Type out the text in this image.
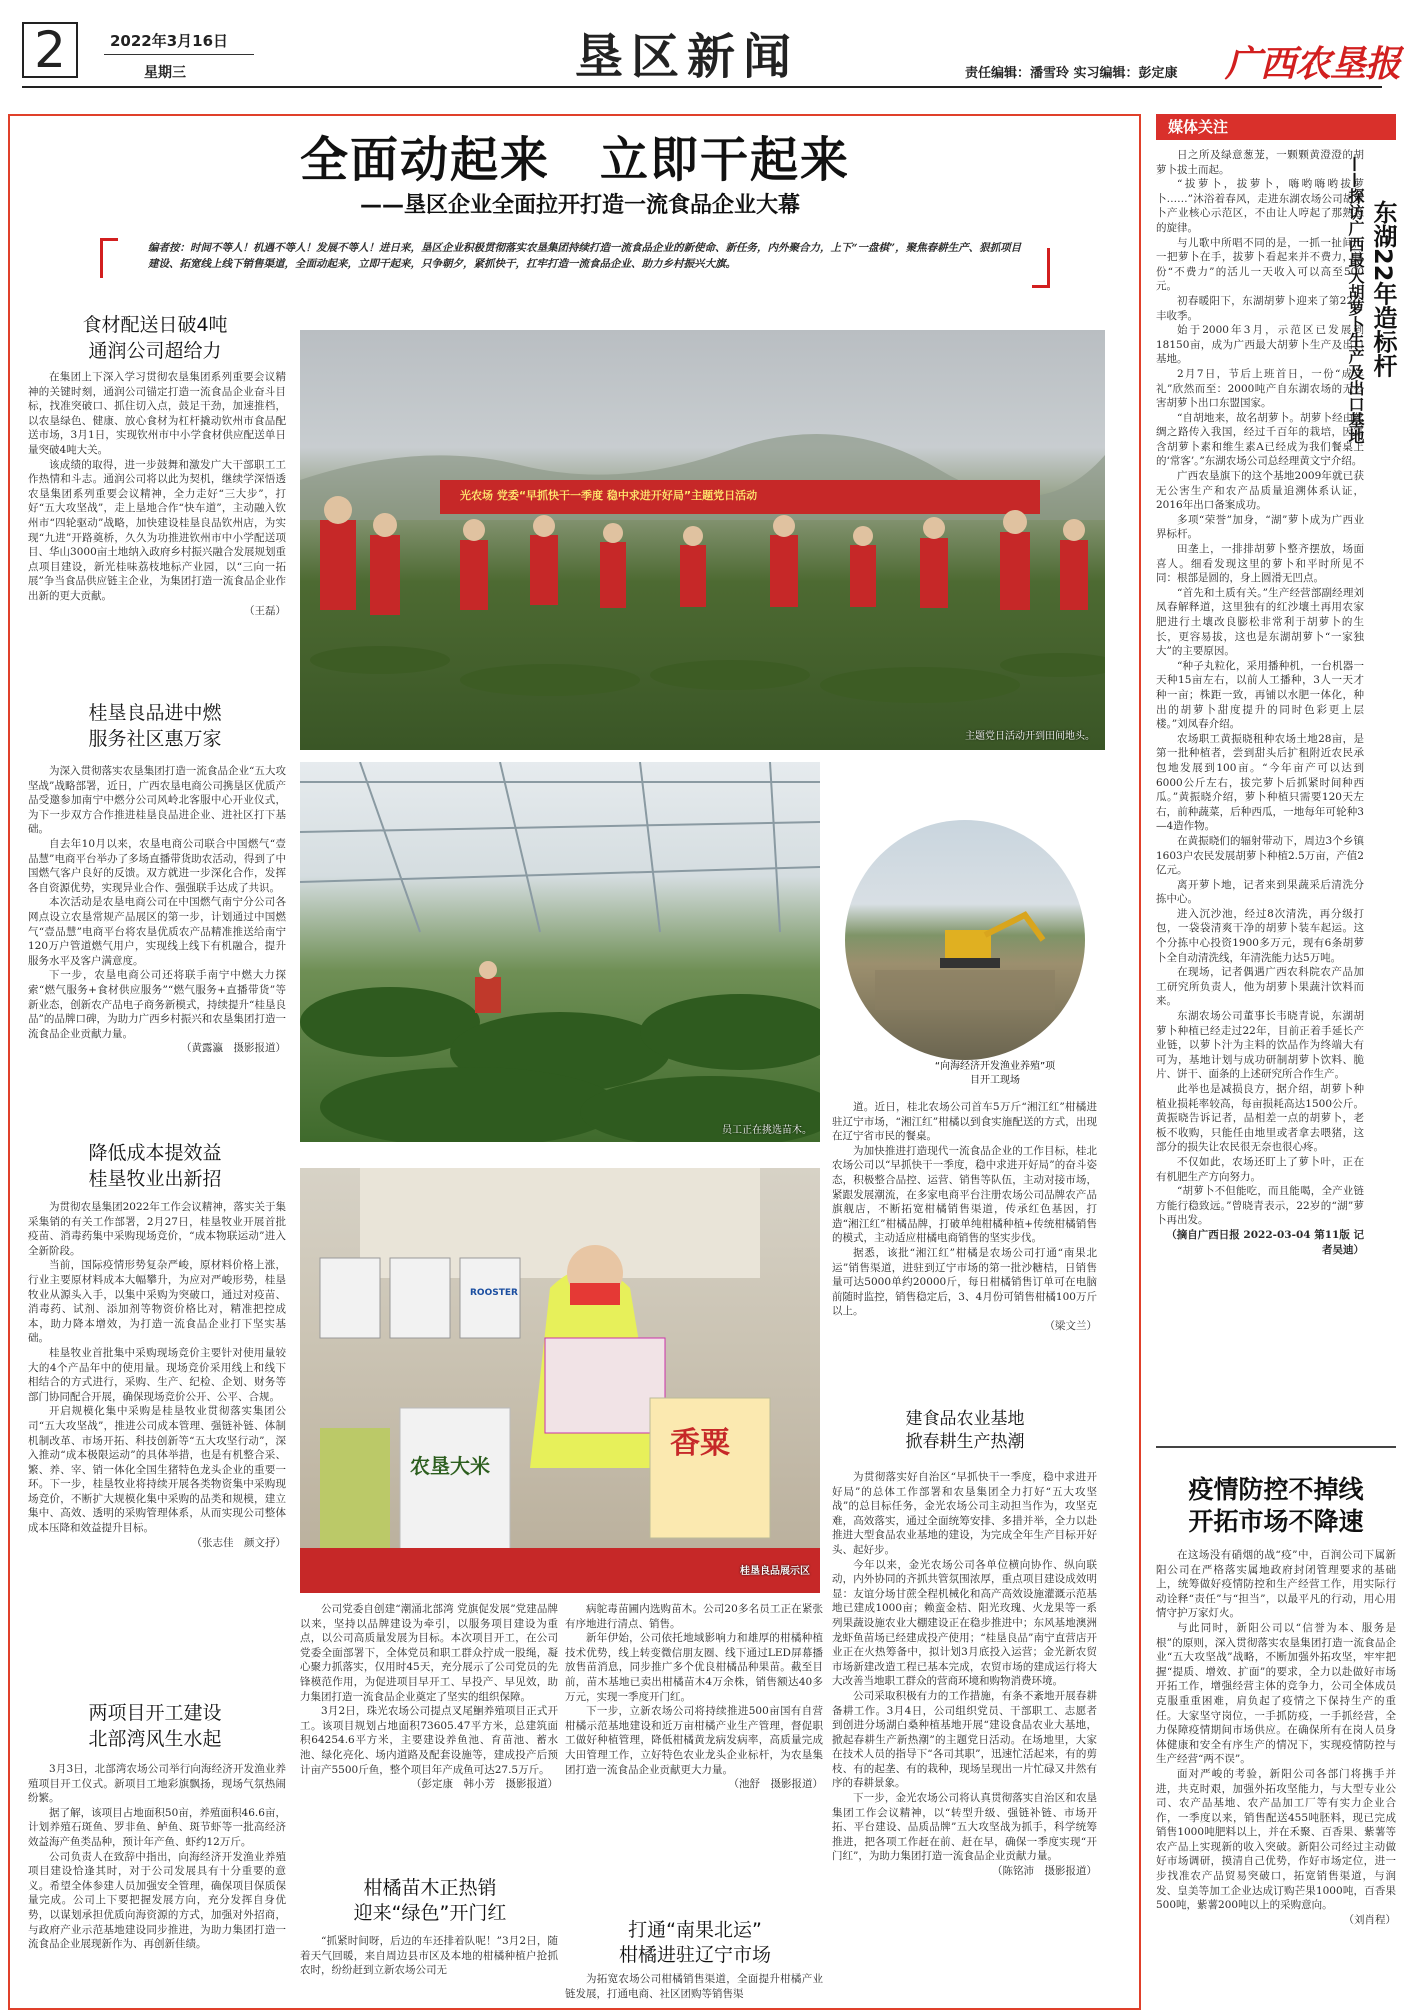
2	2022年3月16日
星期三	垦区新闻	责任编辑：潘雪玲 实习编辑：彭定康 广西农垦报
全面动起来　立即干起来
——垦区企业全面拉开打造一流食品企业大幕
编者按：时间不等人！机遇不等人！发展不等人！进日来，垦区企业积极贯彻落实农垦集团持续打造一流食品企业的新使命、新任务，内外聚合力，上下“一盘棋”，聚焦春耕生产、狠抓项目建设、拓宽线上线下销售渠道，全面动起来，立即干起来，只争朝夕，紧抓快干，扛牢打造一流食品企业、助力乡村振兴大旗。
食材配送日破4吨
通润公司超给力

在集团上下深入学习贯彻农垦集团系列重要会议精神的关键时刻，通润公司锚定打造一流食品企业奋斗目标，找准突破口、抓住切入点，鼓足干劲，加速推档，以农垦绿色、健康、放心食材为杠杆撬动钦州市食品配送市场，3月1日，实现钦州市中小学食材供应配送单日量突破4吨大关。

该成绩的取得，进一步鼓舞和激发广大干部职工工作热情和斗志。通润公司将以此为契机，继续学深悟透农垦集团系列重要会议精神，全力走好“三大步”，打好“五大攻坚战”，走上垦地合作“快车道”，主动融入钦州市“四轮驱动”战略，加快建设桂垦良品钦州店，为实现“九进”开路奠桥，久久为功推进钦州市中小学配送项目、华山3000亩土地纳入政府乡村振兴融合发展规划重点项目建设，新光桂味荔枝地标产业园，以“三向一拓展”争当食品供应链主企业，为集团打造一流食品企业作出新的更大贡献。

（王磊）
桂垦良品进中燃
服务社区惠万家

为深入贯彻落实农垦集团打造一流食品企业“五大攻坚战”战略部署，近日，广西农垦电商公司携垦区优质产品受邀参加南宁中燃分公司风岭北客服中心开业仪式，为下一步双方合作推进桂垦良品进企业、进社区打下基础。

自去年10月以来，农垦电商公司联合中国燃气“壹品慧”电商平台举办了多场直播带货助农活动，得到了中国燃气客户良好的反馈。双方就进一步深化合作，发挥各自资源优势，实现异业合作、强强联手达成了共识。

本次活动是农垦电商公司在中国燃气南宁分公司各网点设立农垦常规产品展区的第一步，计划通过中国燃气“壹品慧”电商平台将农垦优质农产品精准推送给南宁120万户管道燃气用户，实现线上线下有机融合，提升服务水平及客户满意度。

下一步，农垦电商公司还将联手南宁中燃大力探索“燃气服务+食材供应服务”“燃气服务+直播带货”等新业态，创新农产品电子商务新模式，持续提升“桂垦良品”的品牌口碑，为助力广西乡村振兴和农垦集团打造一流食品企业贡献力量。

（黄露瀛　摄影报道）
降低成本提效益
桂垦牧业出新招

为贯彻农垦集团2022年工作会议精神，落实关于集采集销的有关工作部署，2月27日，桂垦牧业开展首批疫苗、消毒药集中采购现场竞价，“成本物联运动”进入全新阶段。

当前，国际疫情形势复杂严峻，原材料价格上涨，行业主要原材料成本大幅攀升，为应对严峻形势，桂垦牧业从源头入手，以集中采购为突破口，通过对疫苗、消毒药、试剂、添加剂等物资价格比对，精准把控成本，助力降本增效，为打造一流食品企业打下坚实基础。

桂垦牧业首批集中采购现场竞价主要针对使用量较大的4个产品年中的使用量。现场竞价采用线上和线下相结合的方式进行，采购、生产、纪检、企划、财务等部门协同配合开展，确保现场竞价公开、公平、合规。

开启规模化集中采购是桂垦牧业贯彻落实集团公司“五大攻坚战”，推进公司成本管理、强链补链、体制机制改革、市场开拓、科技创新等“五大攻坚行动”，深入推动“成本极限运动”的具体举措，也是有机整合采、繁、养、宰、销一体化全国生猪特色龙头企业的重要一环。下一步，桂垦牧业将持续开展各类物资集中采购现场竞价，不断扩大规模化集中采购的品类和规模，建立集中、高效、透明的采购管理体系，从而实现公司整体成本压降和效益提升目标。

（张志佳　颜文抒）
两项目开工建设
北部湾风生水起

3月3日，北部湾农场公司举行向海经济开发渔业养殖项目开工仪式。新项目工地彩旗飘扬，现场气氛热闹纷繁。

据了解，该项目占地面积50亩，养殖面积46.6亩，计划养殖石斑鱼、罗非鱼、鲈鱼、斑节虾等一批高经济效益海产鱼类品种，预计年产鱼、虾约12万斤。

公司负责人在致辞中指出，向海经济开发渔业养殖项目建设恰逢其时，对于公司发展具有十分重要的意义。希望全体参建人员加强安全管理，确保项目保质保量完成。公司上下要把握发展方向，充分发挥自身优势，以谋划承担优质向海资源的方式，加强对外招商，与政府产业示范基地建设同步推进，为助力集团打造一流食品企业展现新作为、再创新佳绩。

光农场 党委“早抓快干一季度 稳中求进开好局”主题党日活动
主题党日活动开到田间地头。
员工正在挑选苗木。
“向海经济开发渔业养殖”项
目开工现场
农垦大米
香粟
ROOSTER
桂垦良品展示区

道。近日，桂北农场公司首车5万斤“湘江红”柑橘进驻辽宁市场，“湘江红”柑橘以到食实施配送的方式，出现在辽宁省市民的餐桌。

为加快推进打造现代一流食品企业的工作目标，桂北农场公司以“早抓快干一季度，稳中求进开好局”的奋斗姿态，积极整合品控、运营、销售等队伍，主动对接市场，紧跟发展潮流，在多家电商平台注册农场公司品牌农产品旗舰店，不断拓宽柑橘销售渠道，传承红色基因，打造“湘江红”柑橘品牌，打破单纯柑橘种植+传统柑橘销售的模式，主动适应柑橘电商销售的坚实步伐。

据悉，该批“湘江红”柑橘是农场公司打通“南果北运”销售渠道，进驻到辽宁市场的第一批沙糖桔，日销售量可达5000单约20000斤，每日柑橘销售订单可在电脑前随时监控，销售稳定后，3、4月份可销售柑橘100万斤以上。

（梁文兰）
建食品农业基地
掀春耕生产热潮

为贯彻落实好自治区“早抓快干一季度，稳中求进开好局”的总体工作部署和农垦集团全力打好“五大攻坚战”的总目标任务，金光农场公司主动担当作为，攻坚克难，高效落实，通过全面统筹安排、多措并举，全力以赴推进大型食品农业基地的建设，为完成全年生产目标开好头、起好步。

今年以来，金光农场公司各单位横向协作、纵向联动，内外协同的齐抓共管氛围浓厚，重点项目建设成效明显：友谊分场甘蔗全程机械化和高产高效设施灌溉示范基地已建成1000亩；赖蛮金桔、阳光玫瑰、火龙果等一系列果蔬设施农业大棚建设正在稳步推进中；东风基地澳洲龙虾鱼苗场已经建成投产使用；“桂垦良品”南宁直营店开业正在火热筹备中，拟计划3月底投入运营；金光新农贸市场新建改造工程已基本完成，农贸市场的建成运行将大大改善当地职工群众的营商环境和购物消费环境。

公司采取积极有力的工作措施，有条不紊地开展春耕备耕工作。3月4日，公司组织党员、干部职工、志愿者到创进分场湖白桑种植基地开展“建设食品农业大基地，掀起春耕生产新热潮”的主题党日活动。在场地里，大家在技术人员的指导下“各司其职”，迅速忙活起来，有的剪枝、有的起垄、有的栽种，现场呈现出一片忙碌又井然有序的春耕景象。

下一步，金光农场公司将认真贯彻落实自治区和农垦集团工作会议精神，以“转型升级、强链补链、市场开拓、平台建设、品质品牌”五大攻坚战为抓手，科学统筹推进，把各项工作赶在前、赶在早，确保一季度实现“开门红”，为助力集团打造一流食品企业贡献力量。

（陈铭沛　摄影报道）

公司党委自创建“潮涌北部湾 党旗促发展”党建品牌以来，坚持以品牌建设为牵引，以服务项目建设为重点，以公司高质量发展为目标。本次项目开工，在公司党委全面部署下，全体党员和职工群众拧成一股绳，凝心聚力抓落实，仅用时45天，充分展示了公司党员的先锋模范作用，为促进项目早开工、早投产、早见效，助力集团打造一流食品企业奠定了坚实的组织保障。

3月2日，珠光农场公司提点叉尾鮰养殖项目正式开工。该项目规划占地面积73605.47平方米，总建筑面积64254.6平方米，主要建设养鱼池、育苗池、蓄水池、绿化亮化、场内道路及配套设施等，建成投产后预计亩产5500斤鱼，整个项目年产成鱼可达27.5万斤。

（彭定康　韩小芳　摄影报道）

病鸵毒苗圃内选购苗木。公司20多名员工正在紧张有序地进行清点、销售。

新年伊始，公司依托地域影响力和雄厚的柑橘种植技术优势，线上转变微信朋友圈、线下通过LED屏幕播放售苗消息，同步推广多个优良柑橘品种果苗。截至目前，苗木基地已卖出柑橘苗木4万余株，销售额达40多万元，实现一季度开门红。

下一步，立新农场公司将持续推进500亩国有自营柑橘示范基地建设和近万亩柑橘产业生产管理，督促职工做好种植管理，降低柑橘黄龙病发病率，高质量完成大田管理工作，立好特色农业龙头企业标杆，为农垦集团打造一流食品企业贡献更大力量。

（池舒　摄影报道）
柑橘苗木正热销
迎来“绿色”开门红

“抓紧时间呀，后边的车还排着队呢！”3月2日，随着天气回暖，来自周边县市区及本地的柑橘种植户抢抓农时，纷纷赶到立新农场公司无

打通“南果北运”
柑橘进驻辽宁市场

为拓宽农场公司柑橘销售渠道，全面提升柑橘产业链发展，打通电商、社区团购等销售渠

媒体关注

日之所及绿意葱茏，一颗颗黄澄澄的胡萝卜拔土而起。

“拔萝卜，拔萝卜，嗨哟嗨哟拔萝卜……”沐浴着春风，走进东湖农场公司胡萝卜产业核心示范区，不由让人哼起了那熟悉的旋律。

与儿歌中所唱不同的是，一抓一扯间，一把萝卜在手，拔萝卜看起来并不费力，这份“不费力”的活儿一天收入可以高至500元。

初春暖阳下，东湖胡萝卜迎来了第22个丰收季。

始于2000年3月，示范区已发展到18150亩，成为广西最大胡萝卜生产及出口基地。

2月7日，节后上班首日，一份“成年礼”欣然而至：2000吨产自东湖农场的无公害胡萝卜出口东盟国家。

“自胡地来，故名胡萝卜。胡萝卜经由丝绸之路传入我国，经过千百年的栽培，因富含胡萝卜素和维生素A已经成为我们餐桌上的‘常客’。”东湖农场公司总经理黄文宁介绍。

广西农垦旗下的这个基地2009年就已获无公害生产和农产品质量追溯体系认证，2016年出口备案成功。

多项“荣誉”加身，“湖”萝卜成为广西业界标杆。

田垄上，一排排胡萝卜整齐摆放，场面喜人。细看发现这里的萝卜和平时所见不同：根部是圆的，身上圆滑无凹点。

“首先和土质有关。”生产经营部副经理刘凤春解释道，这里独有的红沙壤土再用农家肥进行土壤改良膨松非常利于胡萝卜的生长，更容易拔，这也是东湖胡萝卜“一家独大”的主要原因。

“种子丸粒化，采用播种机，一台机器一天种15亩左右，以前人工播种，3人一天才种一亩；株距一致，再铺以水肥一体化，种出的胡萝卜甜度提升的同时色彩更上层楼。”刘凤春介绍。

农场职工黄振晓租种农场土地28亩，是第一批种植者，尝到甜头后扩租附近农民承包地发展到100亩。“今年亩产可以达到6000公斤左右，拔完萝卜后抓紧时间种西瓜。”黄振晓介绍，萝卜种植只需要120天左右，前种蔬菜，后种西瓜，一地每年可轮种3—4造作物。

在黄振晓们的辐射带动下，周边3个乡镇1603户农民发展胡萝卜种植2.5万亩，产值2亿元。

离开萝卜地，记者来到果蔬采后清洗分拣中心。

进入沉沙池，经过8次清洗，再分级打包，一袋袋清爽干净的胡萝卜装车起运。这个分拣中心投资1900多万元，现有6条胡萝卜全自动清洗线，年清洗能力达5万吨。

在现场，记者偶遇广西农科院农产品加工研究所负责人，他为胡萝卜果蔬汁饮料而来。

东湖农场公司董事长韦晓青说，东湖胡萝卜种植已经走过22年，目前正着手延长产业链，以萝卜汁为主料的饮品作为终端大有可为，基地计划与成功研制胡萝卜饮料、脆片、饼干、面条的上述研究所合作生产。

此举也是减损良方，据介绍，胡萝卜种植业损耗率较高，每亩损耗高达1500公斤。黄振晓告诉记者，品相差一点的胡萝卜，老板不收购，只能任由地里或者拿去喂猪，这部分的损失让农民很无奈也很心疼。

不仅如此，农场还盯上了萝卜叶，正在有机肥生产方向努力。

“胡萝卜不但能吃，而且能喝，全产业链方能行稳致远。”曾晓青表示，22岁的“湖”萝卜再出发。

（摘自广西日报 2022-03-04 第11版 记者吴迪）
东湖22年造标杆
——探访广西最大胡萝卜生产及出口基地
疫情防控不掉线
开拓市场不降速

在这场没有硝烟的战“疫”中，百润公司下属新阳公司在严格落实属地政府封闭管理要求的基础上，统筹做好疫情防控和生产经营工作，用实际行动诠释“责任”与“担当”，以最平凡的行动，用心用情守护万家灯火。

与此同时，新阳公司以“信誉为本、服务是根”的原则，深入贯彻落实农垦集团打造一流食品企业“五大攻坚战”战略，不断加强外拓攻坚，牢牢把握“提质、增效、扩面”的要求，全力以赴做好市场开拓工作，增强经营主体的竞争力，公司全体成员克服重重困难，肩负起了疫情之下保持生产的重任。大家坚守岗位，一手抓防疫，一手抓经营，全力保障疫情期间市场供应。在确保所有在岗人员身体健康和安全有序生产的情况下，实现疫情防控与生产经营“两不误”。

面对严峻的考验，新阳公司各部门将携手并进，共克时艰，加强外拓攻坚能力，与大型专业公司、农产品基地、农产品加工厂等有实力企业合作，一季度以来，销售配送455吨胚料，现已完成销售1000吨肥料以上，并在禾聚、百香果、紫薯等农产品上实现新的收入突破。新阳公司经过主动做好市场调研，摸清自己优势，作好市场定位，进一步找准农产品贸易突破口，拓宽销售渠道，与润发、皇美等加工企业达成订购芒果1000吨，百香果500吨，紫薯200吨以上的采购意向。

（刘肖程）
